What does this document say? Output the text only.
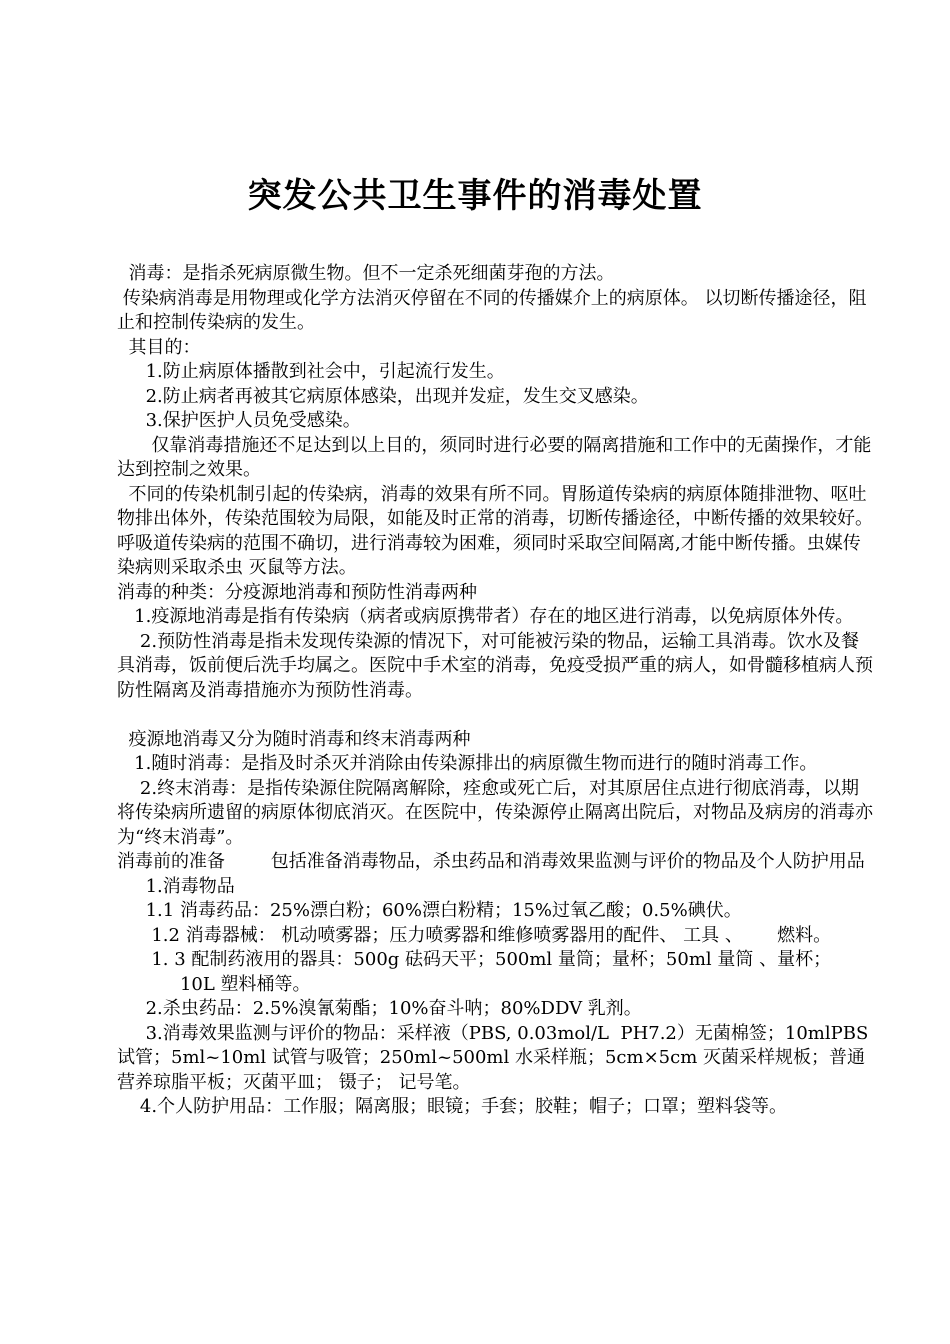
突发公共卫生事件的消毒处置

消毒：是指杀死病原微生物。但不一定杀死细菌芽孢的方法。

传染病消毒是用物理或化学方法消灭停留在不同的传播媒介上的病原体。 以切断传播途径，阻止和控制传染病的发生。

其目的：

1.防止病原体播散到社会中，引起流行发生。

2.防止病者再被其它病原体感染，出现并发症，发生交叉感染。

3.保护医护人员免受感染。

仅靠消毒措施还不足达到以上目的，须同时进行必要的隔离措施和工作中的无菌操作，才能达到控制之效果。

不同的传染机制引起的传染病，消毒的效果有所不同。胃肠道传染病的病原体随排泄物、呕吐物排出体外，传染范围较为局限，如能及时正常的消毒，切断传播途径，中断传播的效果较好。呼吸道传染病的范围不确切，进行消毒较为困难，须同时采取空间隔离,才能中断传播。虫媒传染病则采取杀虫 灭鼠等方法。

消毒的种类：分疫源地消毒和预防性消毒两种

1.疫源地消毒是指有传染病（病者或病原携带者）存在的地区进行消毒，以免病原体外传。

2.预防性消毒是指未发现传染源的情况下，对可能被污染的物品，运输工具消毒。饮水及餐具消毒，饭前便后洗手均属之。医院中手术室的消毒，免疫受损严重的病人，如骨髓移植病人预防性隔离及消毒措施亦为预防性消毒。

疫源地消毒又分为随时消毒和终末消毒两种

1.随时消毒：是指及时杀灭并消除由传染源排出的病原微生物而进行的随时消毒工作。

2.终末消毒：是指传染源住院隔离解除，痊愈或死亡后，对其原居住点进行彻底消毒，以期将传染病所遗留的病原体彻底消灭。在医院中，传染源停止隔离出院后，对物品及病房的消毒亦为“终末消毒”。

消毒前的准备        包括准备消毒物品，杀虫药品和消毒效果监测与评价的物品及个人防护用品

1.消毒物品

1.1 消毒药品：25%漂白粉；60%漂白粉精；15%过氧乙酸；0.5%碘伏。

1.2 消毒器械： 机动喷雾器；压力喷雾器和维修喷雾器用的配件、 工具 、      燃料。

1. 3 配制药液用的器具：500g 砝码天平；500ml 量筒；量杯；50ml 量筒 、量杯；

10L 塑料桶等。

2.杀虫药品：2.5%溴氰菊酯；10%奋斗呐；80%DDV 乳剂。

3.消毒效果监测与评价的物品：采样液（PBS, 0.03mol/L  PH7.2）无菌棉签；10mlPBS 试管；5ml~10ml 试管与吸管；250ml~500ml 水采样瓶；5cm×5cm 灭菌采样规板；普通营养琼脂平板；灭菌平皿； 镊子； 记号笔。

4.个人防护用品：工作服；隔离服；眼镜；手套；胶鞋；帽子；口罩；塑料袋等。
